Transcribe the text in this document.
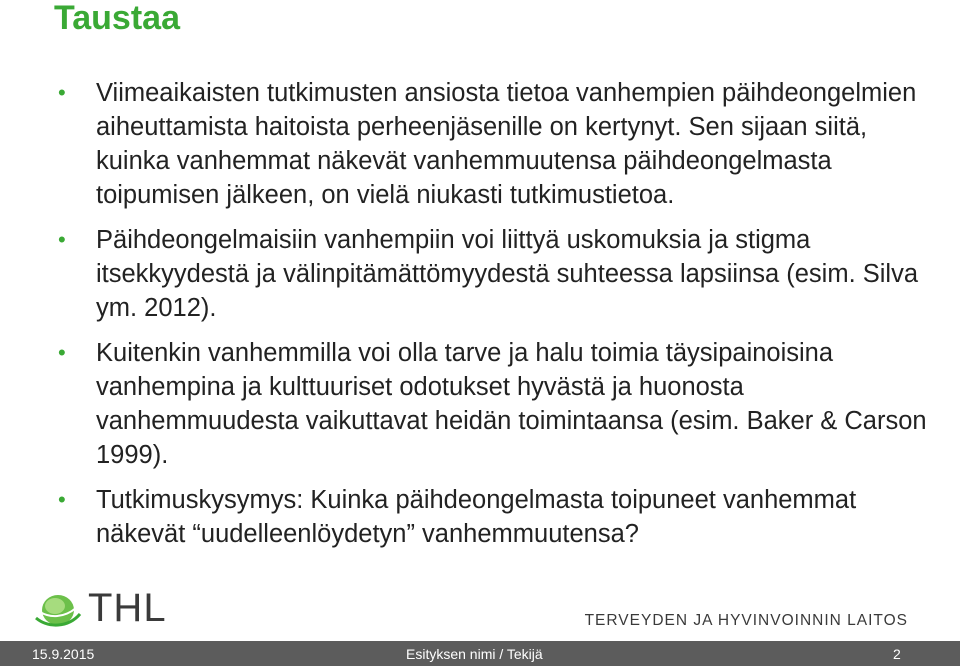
Taustaa
• Viimeaikaisten tutkimusten ansiosta tietoa vanhempien päihdeongelmien aiheuttamista haitoista perheenjäsenille on kertynyt. Sen sijaan siitä, kuinka vanhemmat näkevät vanhemmuutensa päihdeongelmasta toipumisen jälkeen, on vielä niukasti tutkimustietoa.
• Päihdeongelmaisiin vanhempiin voi liittyä uskomuksia ja stigma itsekkyydestä ja välinpitämättömyydestä suhteessa lapsiinsa (esim. Silva ym. 2012).
• Kuitenkin vanhemmilla voi olla tarve ja halu toimia täysipainoisina vanhempina ja kulttuuriset odotukset hyvästä ja huonosta vanhemmuudesta vaikuttavat heidän toimintaansa (esim. Baker & Carson 1999).
• Tutkimuskysymys: Kuinka päihdeongelmasta toipuneet vanhemmat näkevät “uudelleenlöydetyn” vanhemmuutensa?
THL	TERVEYDEN JA HYVINVOINNIN LAITOS
15.9.2015	Esityksen nimi / Tekijä	2
